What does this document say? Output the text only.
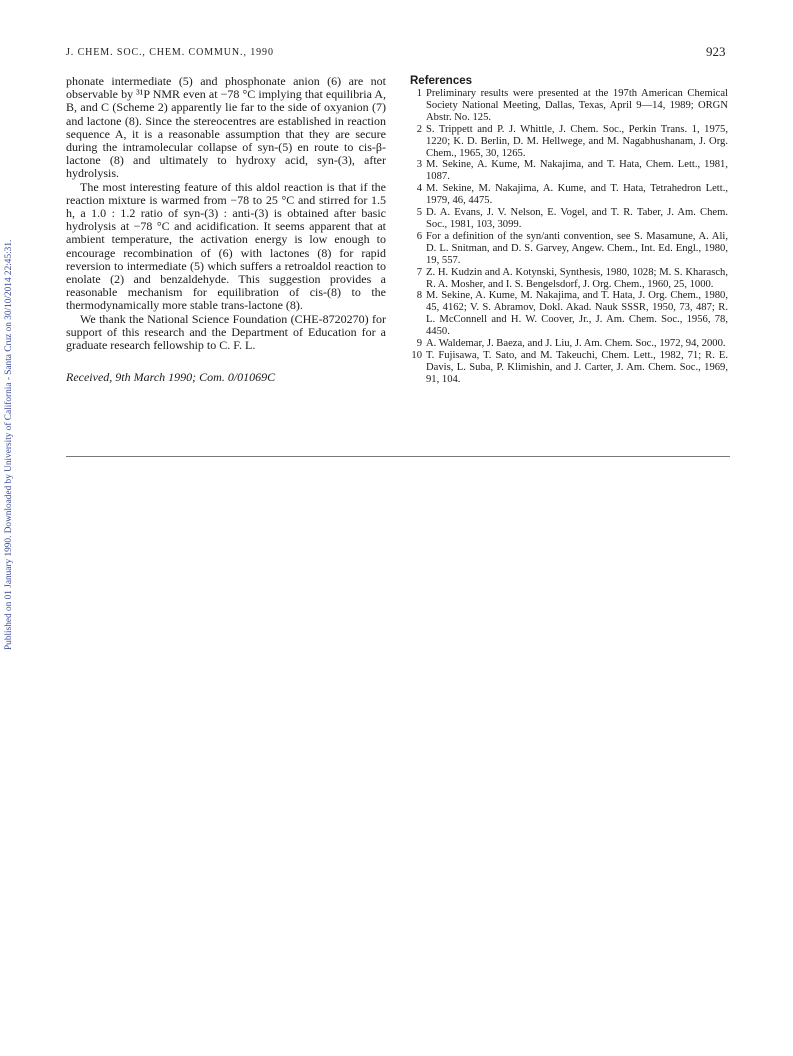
Published on 01 January 1990. Downloaded by University of California - Santa Cruz on 30/10/2014 22:45:31.
J. CHEM. SOC., CHEM. COMMUN., 1990	923

phonate intermediate (5) and phosphonate anion (6) are not observable by ³¹P NMR even at −78 °C implying that equilibria A, B, and C (Scheme 2) apparently lie far to the side of oxyanion (7) and lactone (8). Since the stereocentres are established in reaction sequence A, it is a reasonable assumption that they are secure during the intramolecular collapse of syn-(5) en route to cis-β-lactone (8) and ultimately to hydroxy acid, syn-(3), after hydrolysis.

The most interesting feature of this aldol reaction is that if the reaction mixture is warmed from −78 to 25 °C and stirred for 1.5 h, a 1.0 : 1.2 ratio of syn-(3) : anti-(3) is obtained after basic hydrolysis at −78 °C and acidification. It seems apparent that at ambient temperature, the activation energy is low enough to encourage recombination of (6) with lactones (8) for rapid reversion to intermediate (5) which suffers a retroaldol reaction to enolate (2) and benzaldehyde. This suggestion provides a reasonable mechanism for equilibration of cis-(8) to the thermodynamically more stable trans-lactone (8).

We thank the National Science Foundation (CHE-8720270) for support of this research and the Department of Education for a graduate research fellowship to C. F. L.

Received, 9th March 1990; Com. 0/01069C

References
1 Preliminary results were presented at the 197th American Chemical Society National Meeting, Dallas, Texas, April 9—14, 1989; ORGN Abstr. No. 125.
2 S. Trippett and P. J. Whittle, J. Chem. Soc., Perkin Trans. 1, 1975, 1220; K. D. Berlin, D. M. Hellwege, and M. Nagabhushanam, J. Org. Chem., 1965, 30, 1265.
3 M. Sekine, A. Kume, M. Nakajima, and T. Hata, Chem. Lett., 1981, 1087.
4 M. Sekine, M. Nakajima, A. Kume, and T. Hata, Tetrahedron Lett., 1979, 46, 4475.
5 D. A. Evans, J. V. Nelson, E. Vogel, and T. R. Taber, J. Am. Chem. Soc., 1981, 103, 3099.
6 For a definition of the syn/anti convention, see S. Masamune, A. Ali, D. L. Snitman, and D. S. Garvey, Angew. Chem., Int. Ed. Engl., 1980, 19, 557.
7 Z. H. Kudzin and A. Kotynski, Synthesis, 1980, 1028; M. S. Kharasch, R. A. Mosher, and I. S. Bengelsdorf, J. Org. Chem., 1960, 25, 1000.
8 M. Sekine, A. Kume, M. Nakajima, and T. Hata, J. Org. Chem., 1980, 45, 4162; V. S. Abramov, Dokl. Akad. Nauk SSSR, 1950, 73, 487; R. L. McConnell and H. W. Coover, Jr., J. Am. Chem. Soc., 1956, 78, 4450.
9 A. Waldemar, J. Baeza, and J. Liu, J. Am. Chem. Soc., 1972, 94, 2000.
10 T. Fujisawa, T. Sato, and M. Takeuchi, Chem. Lett., 1982, 71; R. E. Davis, L. Suba, P. Klimishin, and J. Carter, J. Am. Chem. Soc., 1969, 91, 104.
